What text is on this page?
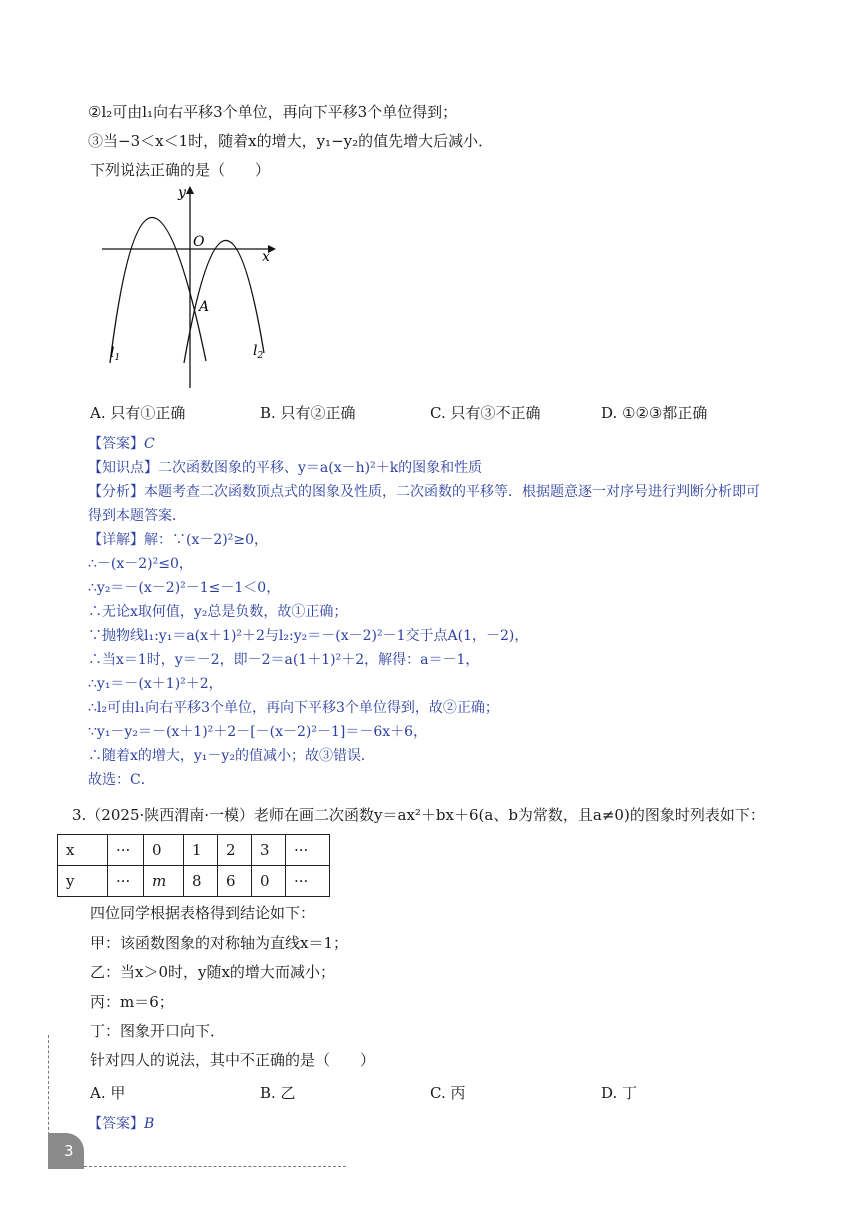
②l₂可由l₁向右平移3个单位，再向下平移3个单位得到；
③当−3＜x＜1时，随着x的增大，y₁−y₂的值先增大后减小．
下列说法正确的是（　　）
y
x
O
A
$l_1$	$l_2$
A. 只有①正确	B. 只有②正确	C. 只有③不正确	D. ①②③都正确
【答案】C
【知识点】二次函数图象的平移、y＝a(x－h)²＋k的图象和性质
【分析】本题考查二次函数顶点式的图象及性质，二次函数的平移等．根据题意逐一对序号进行判断分析即可
得到本题答案．
【详解】解：∵(x－2)²≥0，
∴－(x－2)²≤0，
∴y₂＝－(x－2)²－1≤－1＜0，
∴无论x取何值，y₂总是负数，故①正确；
∵抛物线l₁:y₁＝a(x＋1)²＋2与l₂:y₂＝－(x－2)²－1交于点A(1，－2)，
∴当x＝1时，y＝－2，即－2＝a(1＋1)²＋2，解得：a＝－1，
∴y₁＝－(x＋1)²＋2，
∴l₂可由l₁向右平移3个单位，再向下平移3个单位得到，故②正确；
∵y₁－y₂＝－(x＋1)²＋2－[－(x－2)²－1]＝－6x＋6，
∴随着x的增大，y₁－y₂的值减小；故③错误．
故选：C．
3.（2025·陕西渭南·一模）老师在画二次函数y＝ax²＋bx＋6(a、b为常数，且a≠0)的图象时列表如下：
x	···	0	1	2	3	···
y	···	m	8	6	0	···
四位同学根据表格得到结论如下：
甲：该函数图象的对称轴为直线x＝1；
乙：当x＞0时，y随x的增大而减小；
丙：m＝6；
丁：图象开口向下．
针对四人的说法，其中不正确的是（　　）
A. 甲	B. 乙	C. 丙	D. 丁
【答案】B
3
